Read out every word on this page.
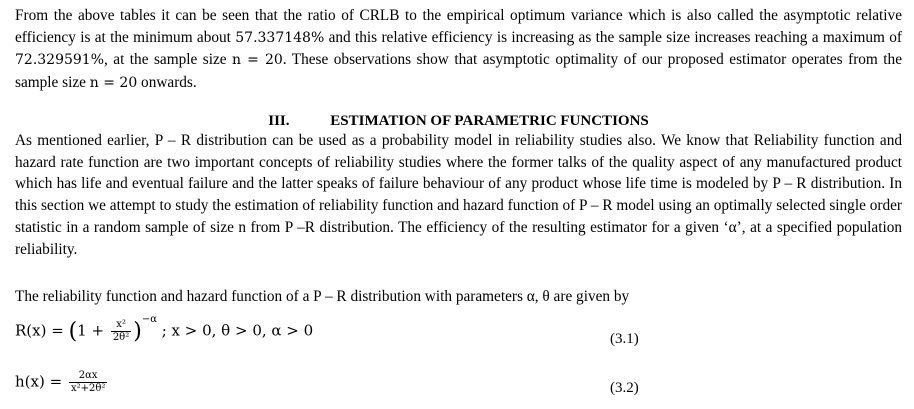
From the above tables it can be seen that the ratio of CRLB to the empirical optimum variance which is also called the asymptotic relative efficiency is at the minimum about 57.337148% and this relative efficiency is increasing as the sample size increases reaching a maximum of 72.329591%, at the sample size n = 20. These observations show that asymptotic optimality of our proposed estimator operates from the sample size n = 20 onwards.

III.	ESTIMATION OF PARAMETRIC FUNCTIONS

As mentioned earlier, P – R distribution can be used as a probability model in reliability studies also. We know that Reliability function and hazard rate function are two important concepts of reliability studies where the former talks of the quality aspect of any manufactured product which has life and eventual failure and the latter speaks of failure behaviour of any product whose life time is modeled by P – R distribution. In this section we attempt to study the estimation of reliability function and hazard function of P – R model using an optimally selected single order statistic in a random sample of size n from P –R distribution. The efficiency of the resulting estimator for a given ‘α’, at a specified population reliability.

The reliability function and hazard function of a P – R distribution with parameters α, θ are given by

$R(x) = (1 + \frac{\text{x²}}{\text{2θ²}} )^{-\alpha}$ ; x > 0, θ > 0, α > 0	(3.1)
$h(x) = \frac{2\alpha x}{\text{x²+2θ²}}$	(3.2)
